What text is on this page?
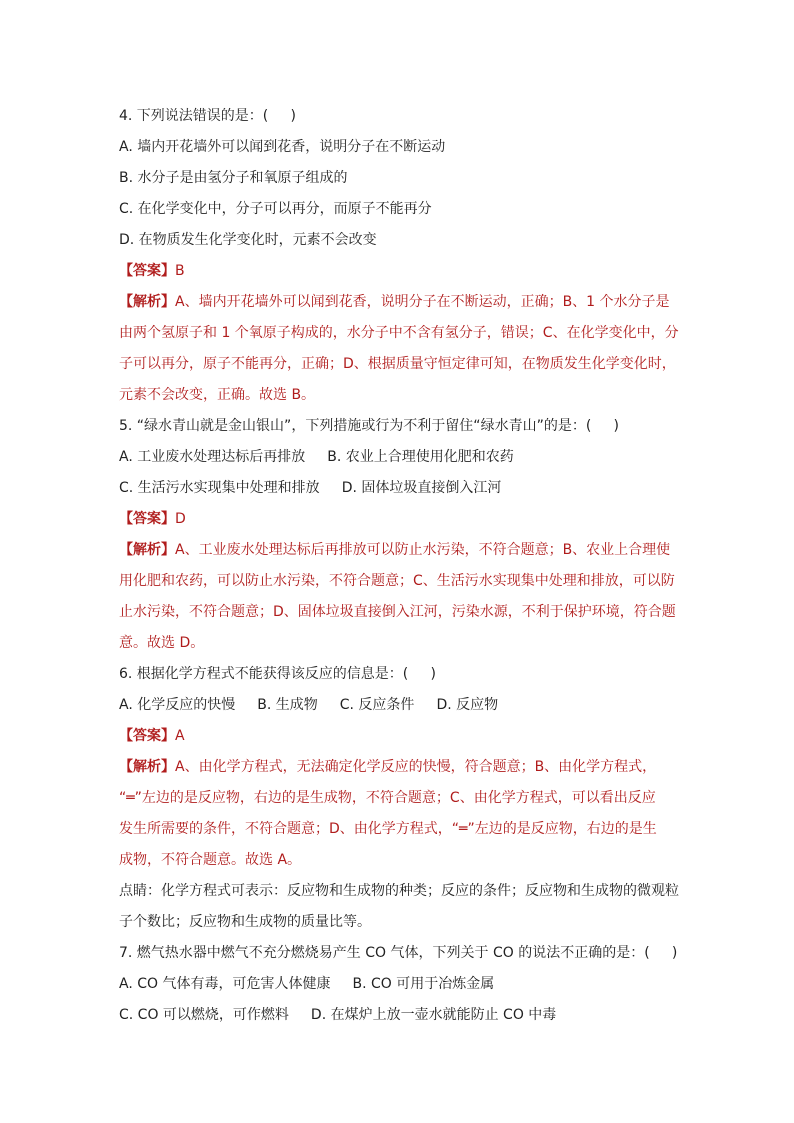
4. 下列说法错误的是：(     )
A. 墙内开花墙外可以闻到花香，说明分子在不断运动
B. 水分子是由氢分子和氧原子组成的
C. 在化学变化中，分子可以再分，而原子不能再分
D. 在物质发生化学变化时，元素不会改变
【答案】B
【解析】A、墙内开花墙外可以闻到花香，说明分子在不断运动，正确；B、1 个水分子是
由两个氢原子和 1 个氧原子构成的，水分子中不含有氢分子，错误；C、在化学变化中，分
子可以再分，原子不能再分，正确；D、根据质量守恒定律可知，在物质发生化学变化时，
元素不会改变，正确。故选 B。
5. “绿水青山就是金山银山”，下列措施或行为不利于留住“绿水青山”的是：(     )
A. 工业废水处理达标后再排放 B. 农业上合理使用化肥和农药
C. 生活污水实现集中处理和排放 D. 固体垃圾直接倒入江河
【答案】D
【解析】A、工业废水处理达标后再排放可以防止水污染，不符合题意；B、农业上合理使
用化肥和农药，可以防止水污染，不符合题意；C、生活污水实现集中处理和排放，可以防
止水污染，不符合题意；D、固体垃圾直接倒入江河，污染水源，不利于保护环境，符合题
意。故选 D。
6. 根据化学方程式不能获得该反应的信息是：(     )
A. 化学反应的快慢 B. 生成物 C. 反应条件 D. 反应物
【答案】A
【解析】A、由化学方程式，无法确定化学反应的快慢，符合题意；B、由化学方程式，
“═”左边的是反应物，右边的是生成物，不符合题意；C、由化学方程式，可以看出反应
发生所需要的条件，不符合题意；D、由化学方程式，“═”左边的是反应物，右边的是生
成物，不符合题意。故选 A。
点睛：化学方程式可表示：反应物和生成物的种类；反应的条件；反应物和生成物的微观粒
子个数比；反应物和生成物的质量比等。
7. 燃气热水器中燃气不充分燃烧易产生 CO 气体，下列关于 CO 的说法不正确的是：(     )
A. CO 气体有毒，可危害人体健康 B. CO 可用于冶炼金属
C. CO 可以燃烧，可作燃料 D. 在煤炉上放一壶水就能防止 CO 中毒
